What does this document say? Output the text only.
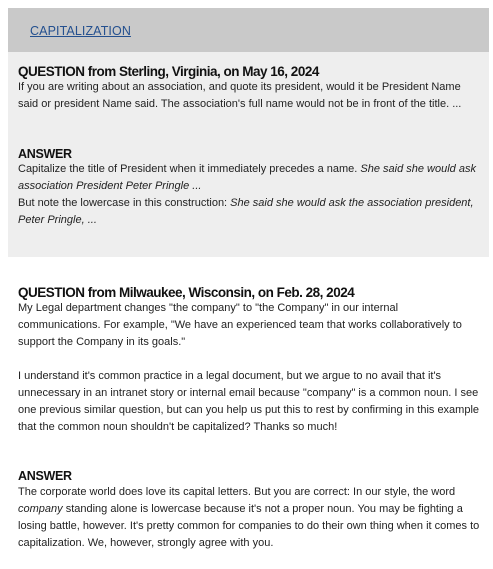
CAPITALIZATION
QUESTION from Sterling, Virginia, on May 16, 2024
If you are writing about an association, and quote its president, would it be President Name said or president Name said. The association's full name would not be in front of the title. ...
ANSWER
Capitalize the title of President when it immediately precedes a name. She said she would ask association President Peter Pringle ...
But note the lowercase in this construction: She said she would ask the association president, Peter Pringle, ...
QUESTION from Milwaukee, Wisconsin, on Feb. 28, 2024
My Legal department changes "the company" to "the Company" in our internal communications. For example, "We have an experienced team that works collaboratively to support the Company in its goals."
I understand it's common practice in a legal document, but we argue to no avail that it's unnecessary in an intranet story or internal email because "company" is a common noun. I see one previous similar question, but can you help us put this to rest by confirming in this example that the common noun shouldn't be capitalized? Thanks so much!
ANSWER
The corporate world does love its capital letters. But you are correct: In our style, the word company standing alone is lowercase because it's not a proper noun. You may be fighting a losing battle, however. It's pretty common for companies to do their own thing when it comes to capitalization. We, however, strongly agree with you.
